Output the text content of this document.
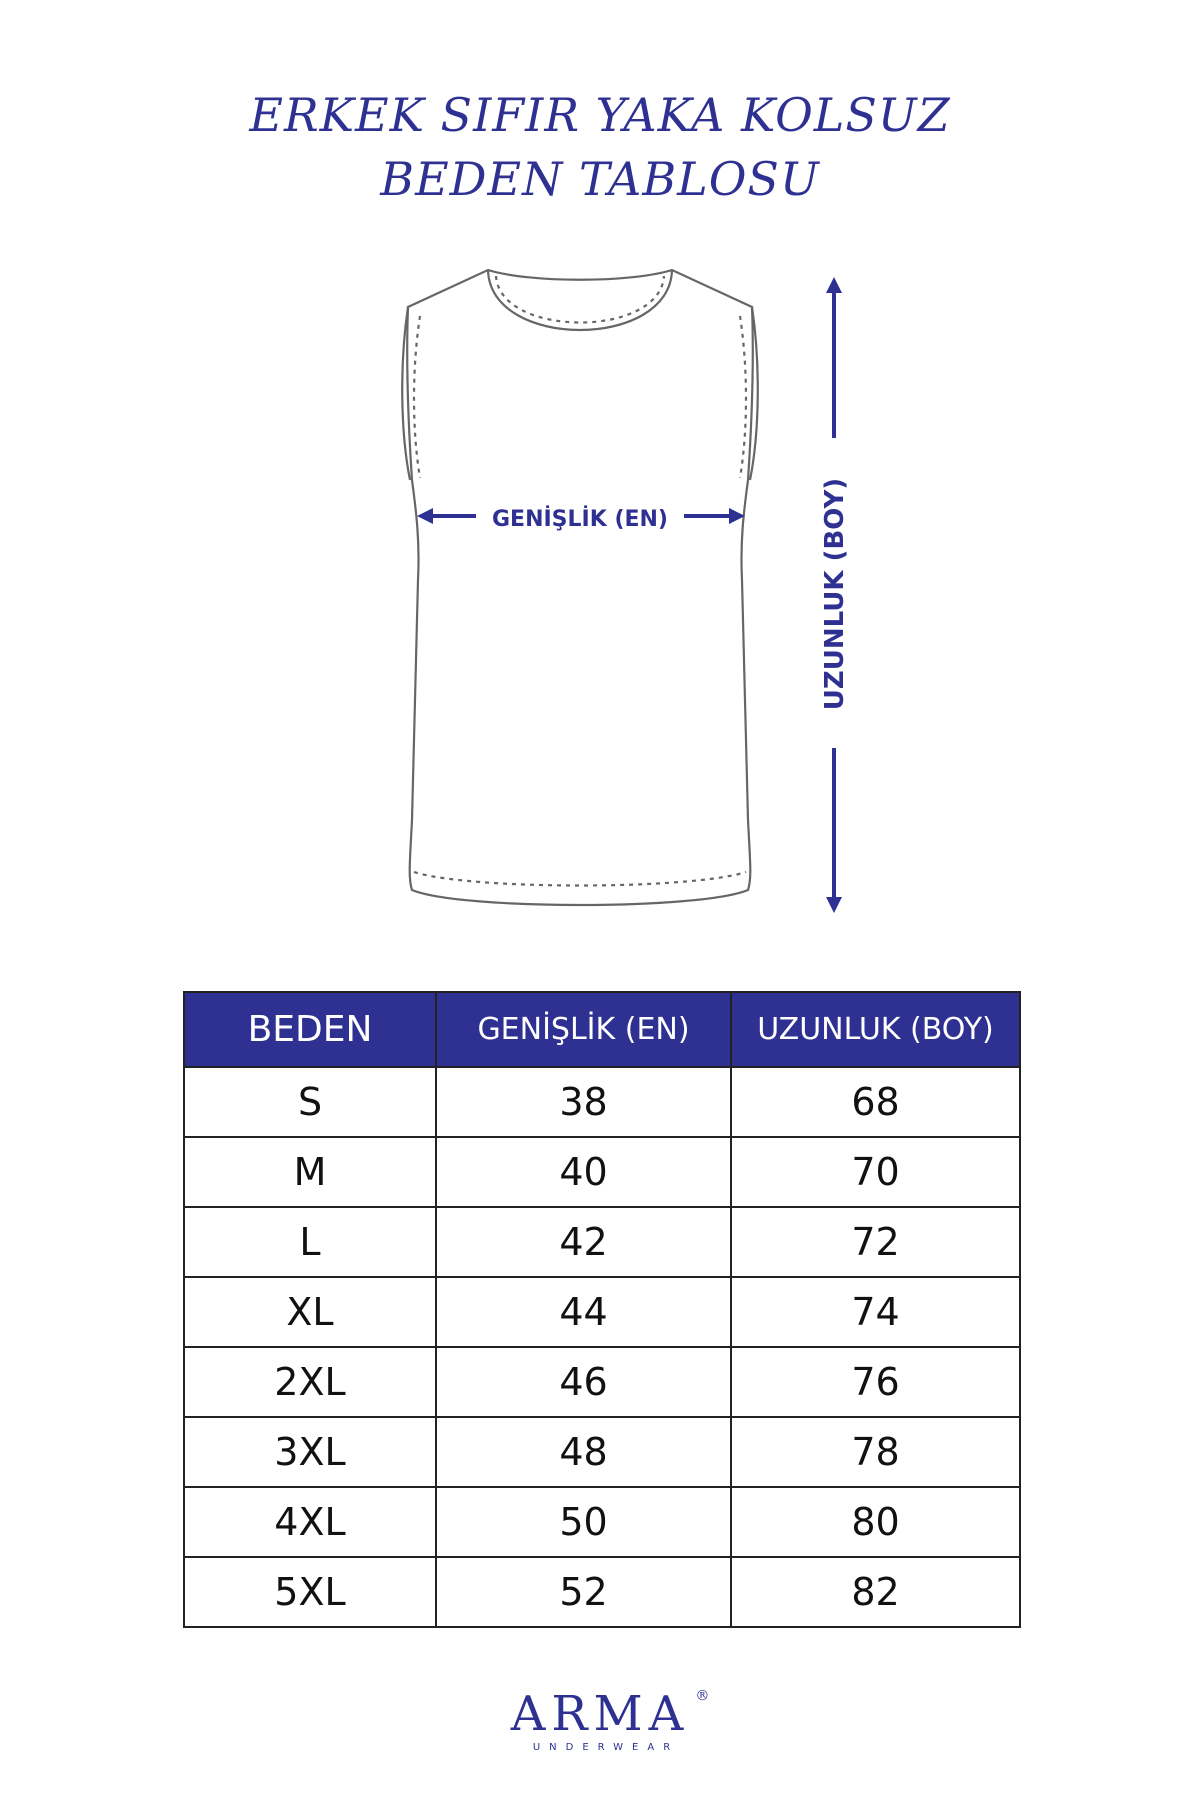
ERKEK SIFIR YAKA KOLSUZ
BEDEN TABLOSU
GENİŞLİK (EN)	UZUNLUK (BOY)
BEDEN	GENİŞLİK (EN)	UZUNLUK (BOY)
S	38	68
M	40	70
L	42	72
XL	44	74
2XL	46	76
3XL	48	78
4XL	50	80
5XL	52	82
ARMA ®
UNDERWEAR
